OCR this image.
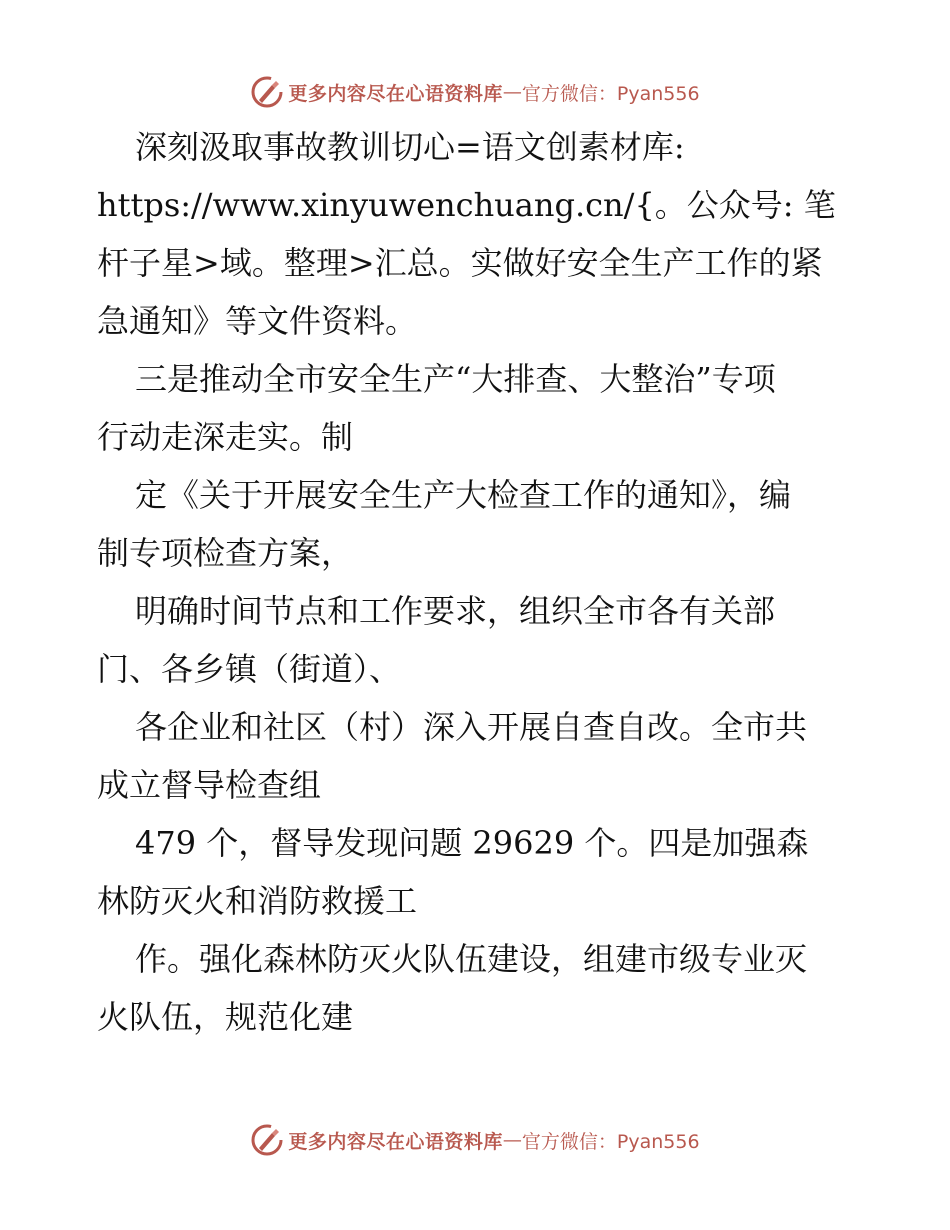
更多内容尽在心语资料库 — 官方微信：Pyan556
深刻汲取事故教训切心=语文创素材库:
https://www.xinyuwenchuang.cn/{。公众号: 笔
杆子星>域。整理>汇总。实做好安全生产工作的紧
急通知》等文件资料。
三是推动全市安全生产“大排查、大整治”专项
行动走深走实。制
定《关于开展安全生产大检查工作的通知》，编
制专项检查方案，
明确时间节点和工作要求，组织全市各有关部
门、各乡镇（街道）、
各企业和社区（村）深入开展自查自改。全市共
成立督导检查组
479 个，督导发现问题 29629 个。四是加强森
林防灭火和消防救援工
作。强化森林防灭火队伍建设，组建市级专业灭
火队伍，规范化建
更多内容尽在心语资料库 — 官方微信：Pyan556
